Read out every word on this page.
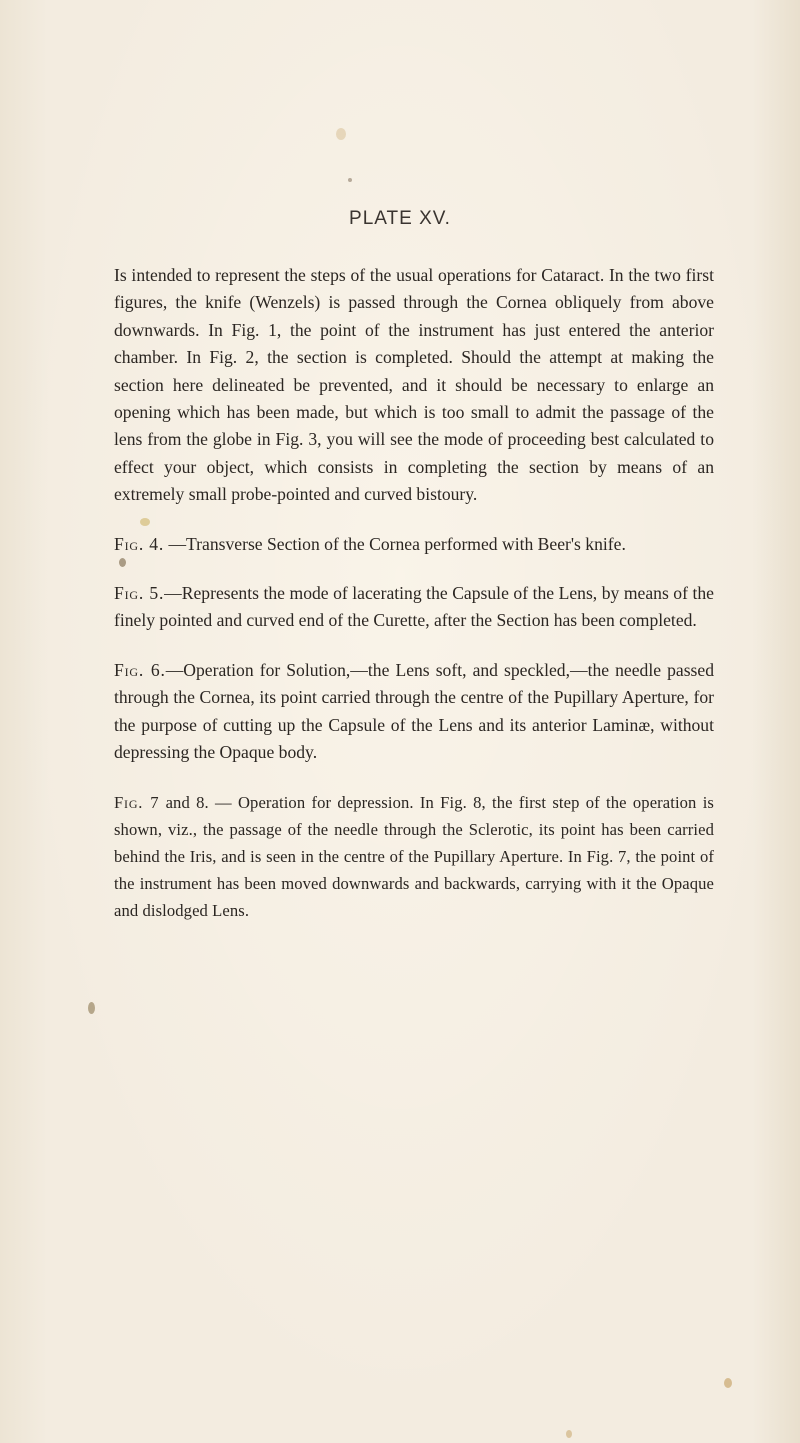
PLATE XV.

Is intended to represent the steps of the usual operations for Cataract. In the two first figures, the knife (Wenzels) is passed through the Cornea obliquely from above downwards. In Fig. 1, the point of the instrument has just entered the anterior chamber. In Fig. 2, the section is completed. Should the attempt at making the section here delineated be prevented, and it should be necessary to enlarge an opening which has been made, but which is too small to admit the passage of the lens from the globe in Fig. 3, you will see the mode of proceeding best calculated to effect your object, which consists in completing the section by means of an extremely small probe-pointed and curved bistoury.

Fig. 4. —Transverse Section of the Cornea performed with Beer's knife.

Fig. 5.—Represents the mode of lacerating the Capsule of the Lens, by means of the finely pointed and curved end of the Curette, after the Section has been completed.

Fig. 6.—Operation for Solution,—the Lens soft, and speckled,—the needle passed through the Cornea, its point carried through the centre of the Pupillary Aperture, for the purpose of cutting up the Capsule of the Lens and its anterior Laminæ, without depressing the Opaque body.

Fig. 7 and 8. — Operation for depression. In Fig. 8, the first step of the operation is shown, viz., the passage of the needle through the Sclerotic, its point has been carried behind the Iris, and is seen in the centre of the Pupillary Aperture. In Fig. 7, the point of the instrument has been moved downwards and backwards, carrying with it the Opaque and dislodged Lens.
